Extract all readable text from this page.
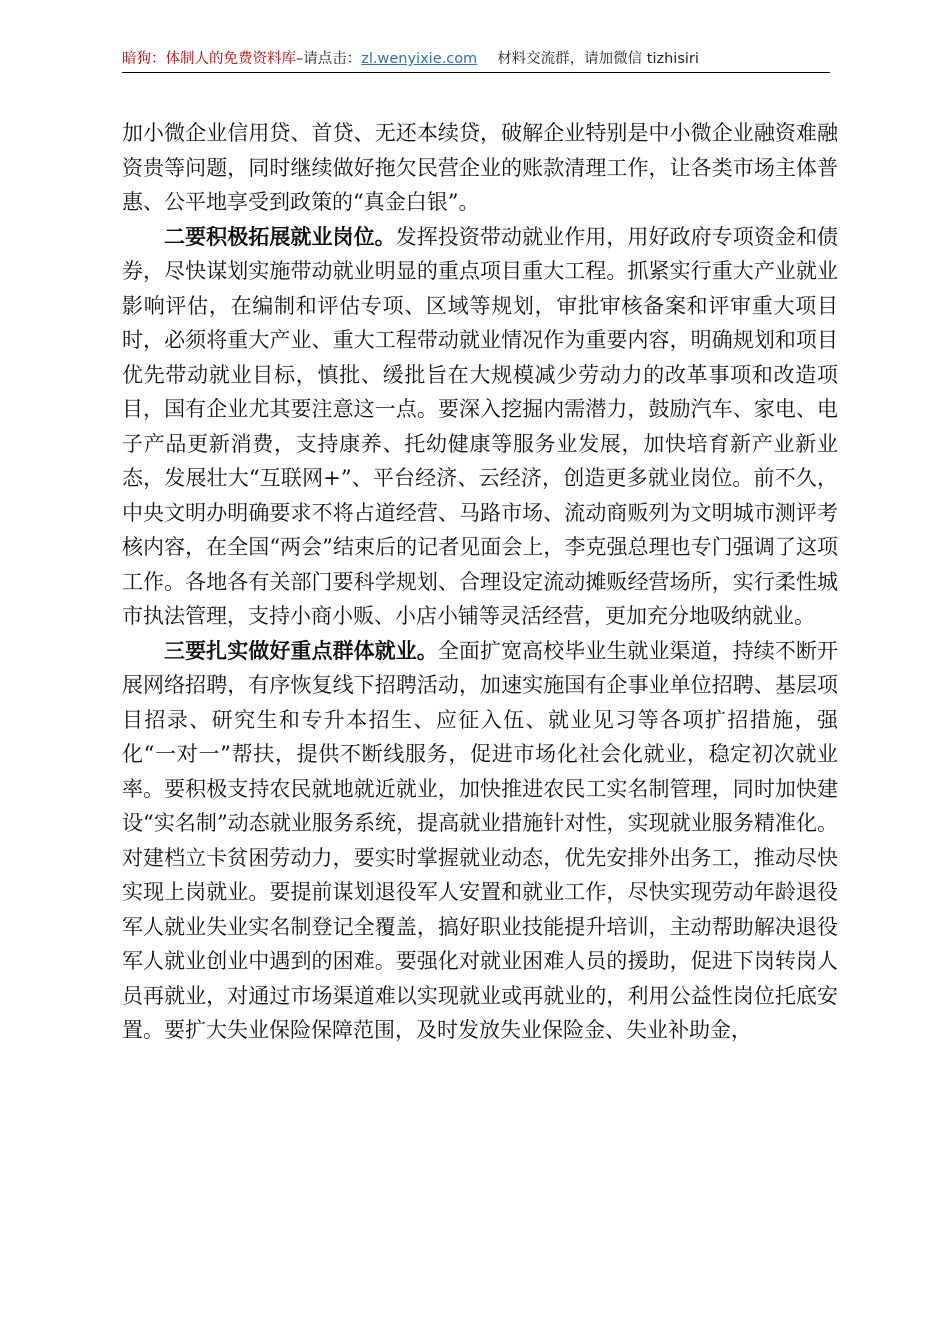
暗狗：体制人的免费资料库–请点击：zl.wenyixie.com 材料交流群，请加微信 tizhisiri

加小微企业信用贷、首贷、无还本续贷，破解企业特别是中小微企业融资难融资贵等问题，同时继续做好拖欠民营企业的账款清理工作，让各类市场主体普惠、公平地享受到政策的“真金白银”。

二要积极拓展就业岗位。发挥投资带动就业作用，用好政府专项资金和债券，尽快谋划实施带动就业明显的重点项目重大工程。抓紧实行重大产业就业影响评估，在编制和评估专项、区域等规划，审批审核备案和评审重大项目时，必须将重大产业、重大工程带动就业情况作为重要内容，明确规划和项目优先带动就业目标，慎批、缓批旨在大规模减少劳动力的改革事项和改造项目，国有企业尤其要注意这一点。要深入挖掘内需潜力，鼓励汽车、家电、电子产品更新消费，支持康养、托幼健康等服务业发展，加快培育新产业新业态，发展壮大“互联网+”、平台经济、云经济，创造更多就业岗位。前不久，中央文明办明确要求不将占道经营、马路市场、流动商贩列为文明城市测评考核内容，在全国“两会”结束后的记者见面会上，李克强总理也专门强调了这项工作。各地各有关部门要科学规划、合理设定流动摊贩经营场所，实行柔性城市执法管理，支持小商小贩、小店小铺等灵活经营，更加充分地吸纳就业。

三要扎实做好重点群体就业。全面扩宽高校毕业生就业渠道，持续不断开展网络招聘，有序恢复线下招聘活动，加速实施国有企事业单位招聘、基层项目招录、研究生和专升本招生、应征入伍、就业见习等各项扩招措施，强化“一对一”帮扶，提供不断线服务，促进市场化社会化就业，稳定初次就业率。要积极支持农民就地就近就业，加快推进农民工实名制管理，同时加快建设“实名制”动态就业服务系统，提高就业措施针对性，实现就业服务精准化。对建档立卡贫困劳动力，要实时掌握就业动态，优先安排外出务工，推动尽快实现上岗就业。要提前谋划退役军人安置和就业工作，尽快实现劳动年龄退役军人就业失业实名制登记全覆盖，搞好职业技能提升培训，主动帮助解决退役军人就业创业中遇到的困难。要强化对就业困难人员的援助，促进下岗转岗人员再就业，对通过市场渠道难以实现就业或再就业的，利用公益性岗位托底安置。要扩大失业保险保障范围，及时发放失业保险金、失业补助金，
